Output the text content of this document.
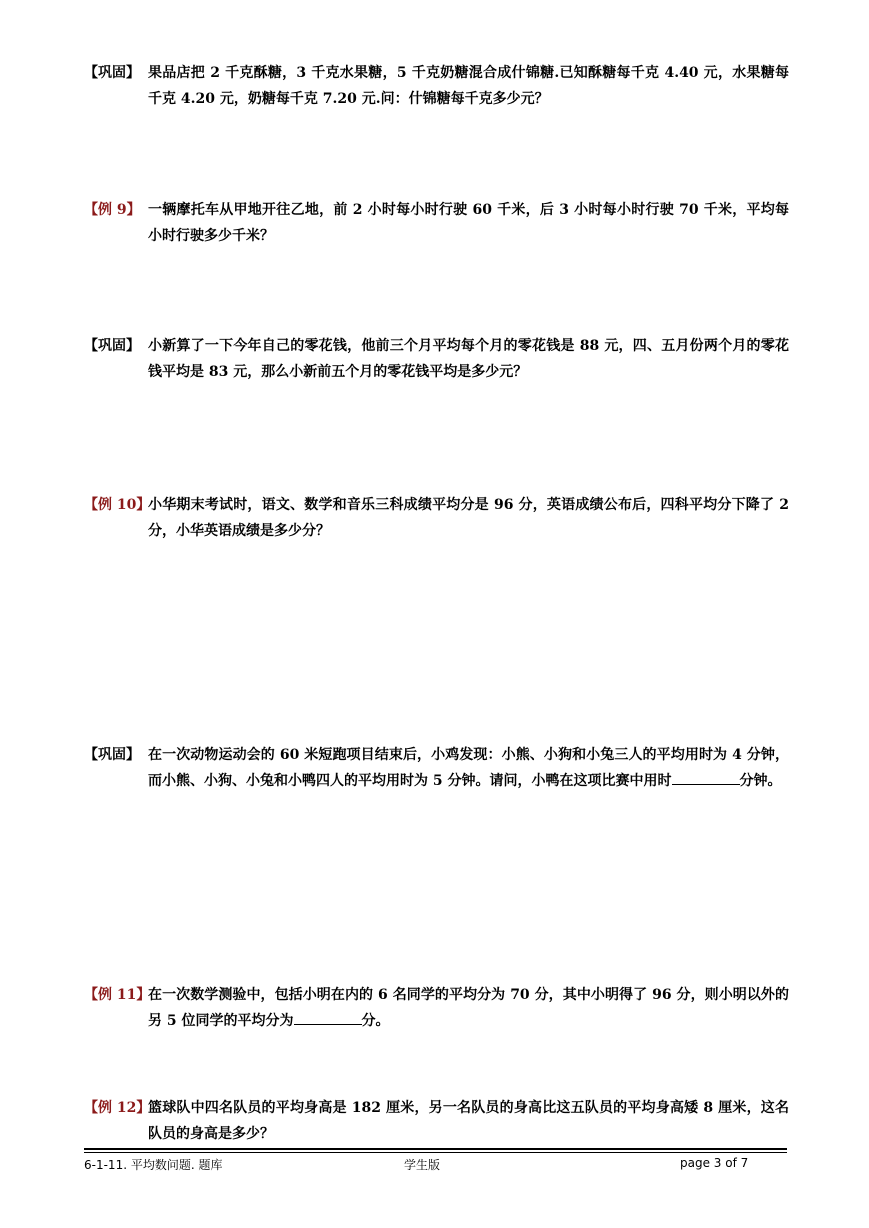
【巩固】 果品店把 2 千克酥糖，3 千克水果糖，5 千克奶糖混合成什锦糖.已知酥糖每千克 4.40 元，水果糖每千克 4.20 元，奶糖每千克 7.20 元.问：什锦糖每千克多少元？
【例 9】 一辆摩托车从甲地开往乙地，前 2 小时每小时行驶 60 千米，后 3 小时每小时行驶 70 千米，平均每小时行驶多少千米？
【巩固】 小新算了一下今年自己的零花钱，他前三个月平均每个月的零花钱是 88 元，四、五月份两个月的零花钱平均是 83 元，那么小新前五个月的零花钱平均是多少元？
【例 10】
小华期末考试时，语文、数学和音乐三科成绩平均分是 96 分，英语成绩公布后，四科平均分下降了 2 分，小华英语成绩是多少分？
【巩固】 在一次动物运动会的 60 米短跑项目结束后，小鸡发现：小熊、小狗和小兔三人的平均用时为 4 分钟，而小熊、小狗、小兔和小鸭四人的平均用时为 5 分钟。请问，小鸭在这项比赛中用时	分钟。
【例 11】
在一次数学测验中，包括小明在内的 6 名同学的平均分为 70 分，其中小明得了 96 分，则小明以外的另 5 位同学的平均分为	分。
【例 12】
篮球队中四名队员的平均身高是 182 厘米，另一名队员的身高比这五队员的平均身高矮 8 厘米，这名队员的身高是多少？
6-1-11. 平均数问题. 题库	学生版	page 3 of 7
